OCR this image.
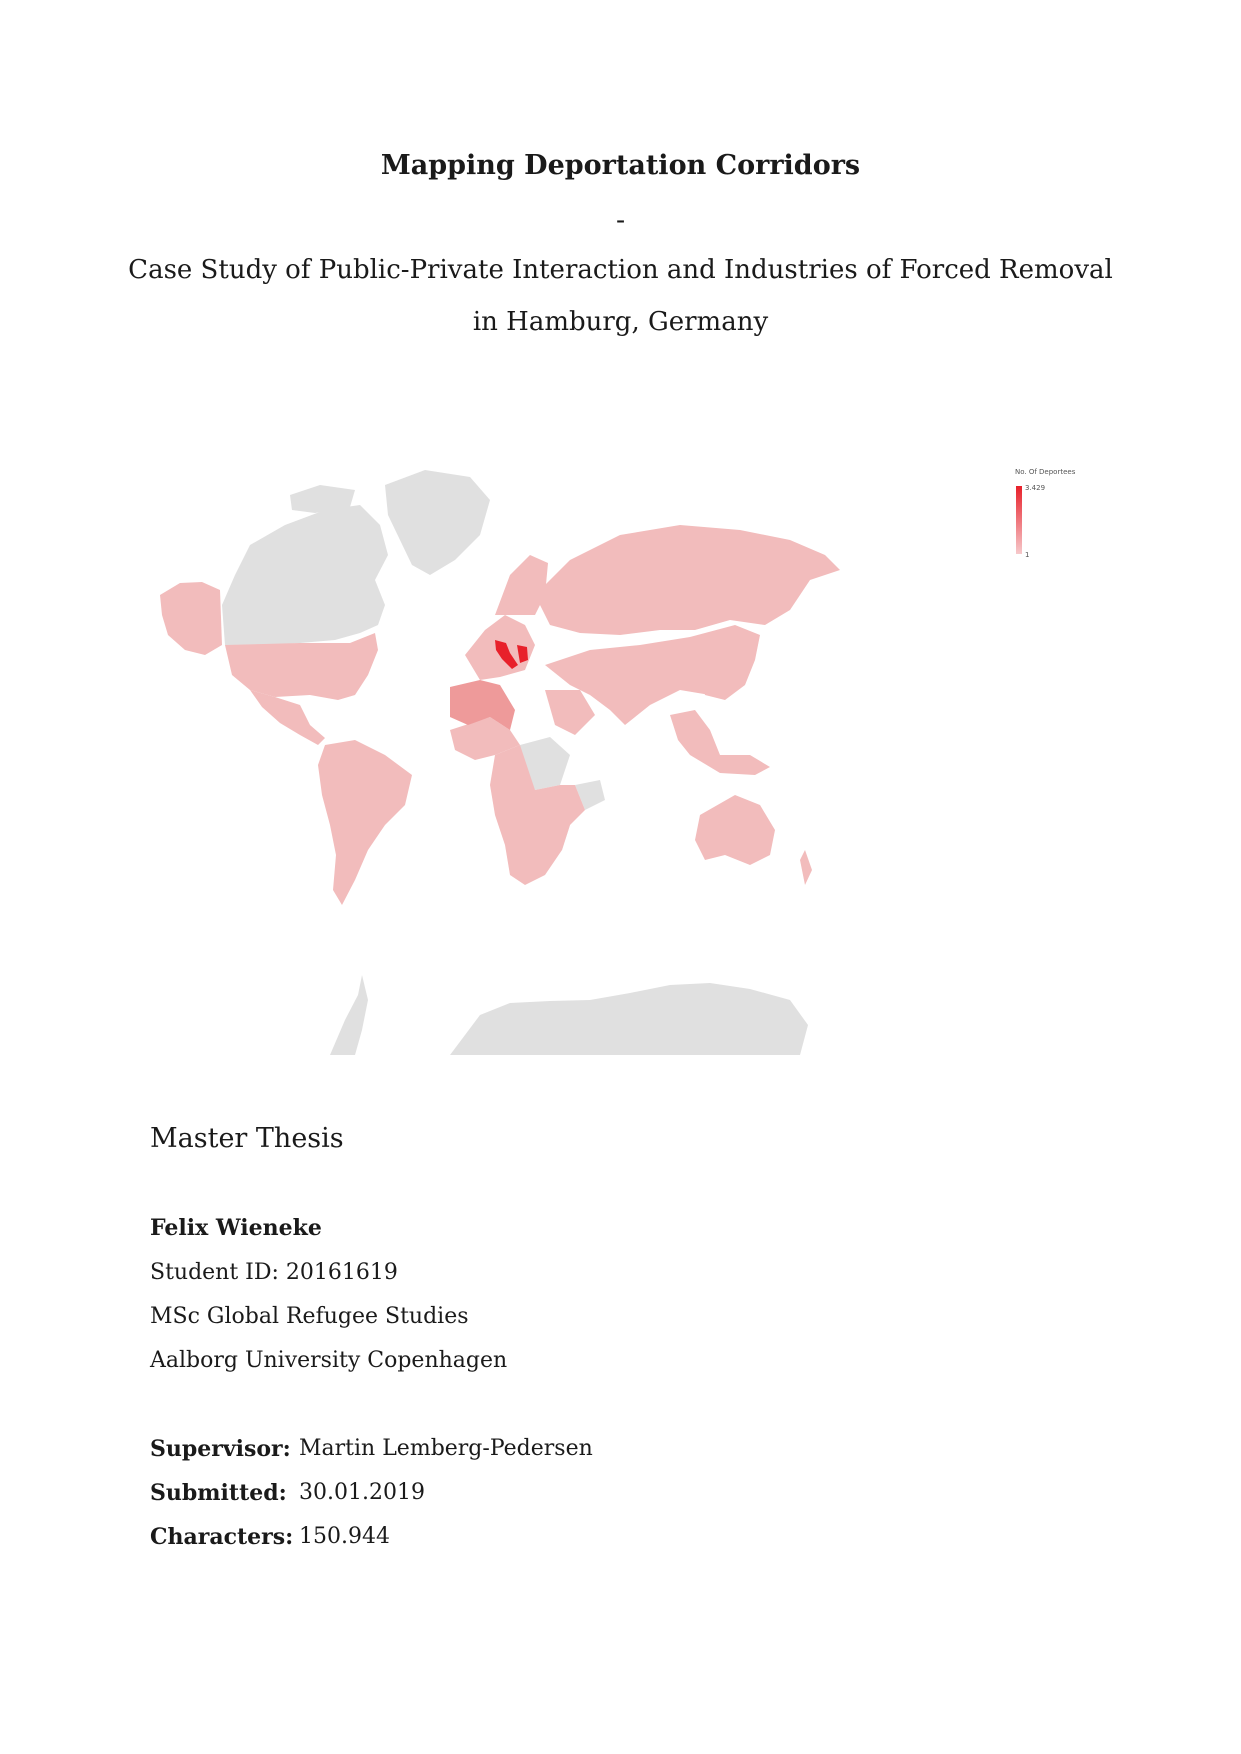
Mapping Deportation Corridors
-
Case Study of Public-Private Interaction and Industries of Forced Removal
in Hamburg, Germany
No. Of Deportees
3.429
1
Master Thesis
Felix Wieneke
Student ID: 20161619
MSc Global Refugee Studies
Aalborg University Copenhagen
Supervisor: Martin Lemberg-Pedersen
Submitted: 30.01.2019
Characters: 150.944
